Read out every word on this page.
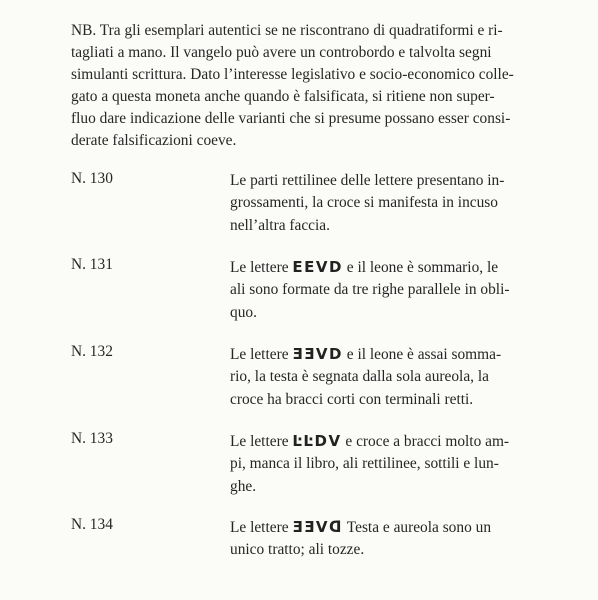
NB. Tra gli esemplari autentici se ne riscontrano di quadratiformi e ri-
tagliati a mano. Il vangelo può avere un controbordo e talvolta segni
simulanti scrittura. Dato l’interesse legislativo e socio-economico colle-
gato a questa moneta anche quando è falsificata, si ritiene non super-
fluo dare indicazione delle varianti che si presume possano esser consi-
derate falsificazioni coeve.
N. 130	Le parti rettilinee delle lettere presentano in-
grossamenti, la croce si manifesta in incuso
nell’altra faccia.
N. 131	Le lettere EEVD e il leone è sommario, le
ali sono formate da tre righe parallele in obli-
quo.
N. 132	Le lettere ƎƎVD e il leone è assai somma-
rio, la testa è segnata dalla sola aureola, la
croce ha bracci corti con terminali retti.
N. 133	Le lettere ĿĿDV e croce a bracci molto am-
pi, manca il libro, ali rettilinee, sottili e lun-
ghe.
N. 134	Le lettere ƎƎVᗡ Testa e aureola sono un
unico tratto; ali tozze.
